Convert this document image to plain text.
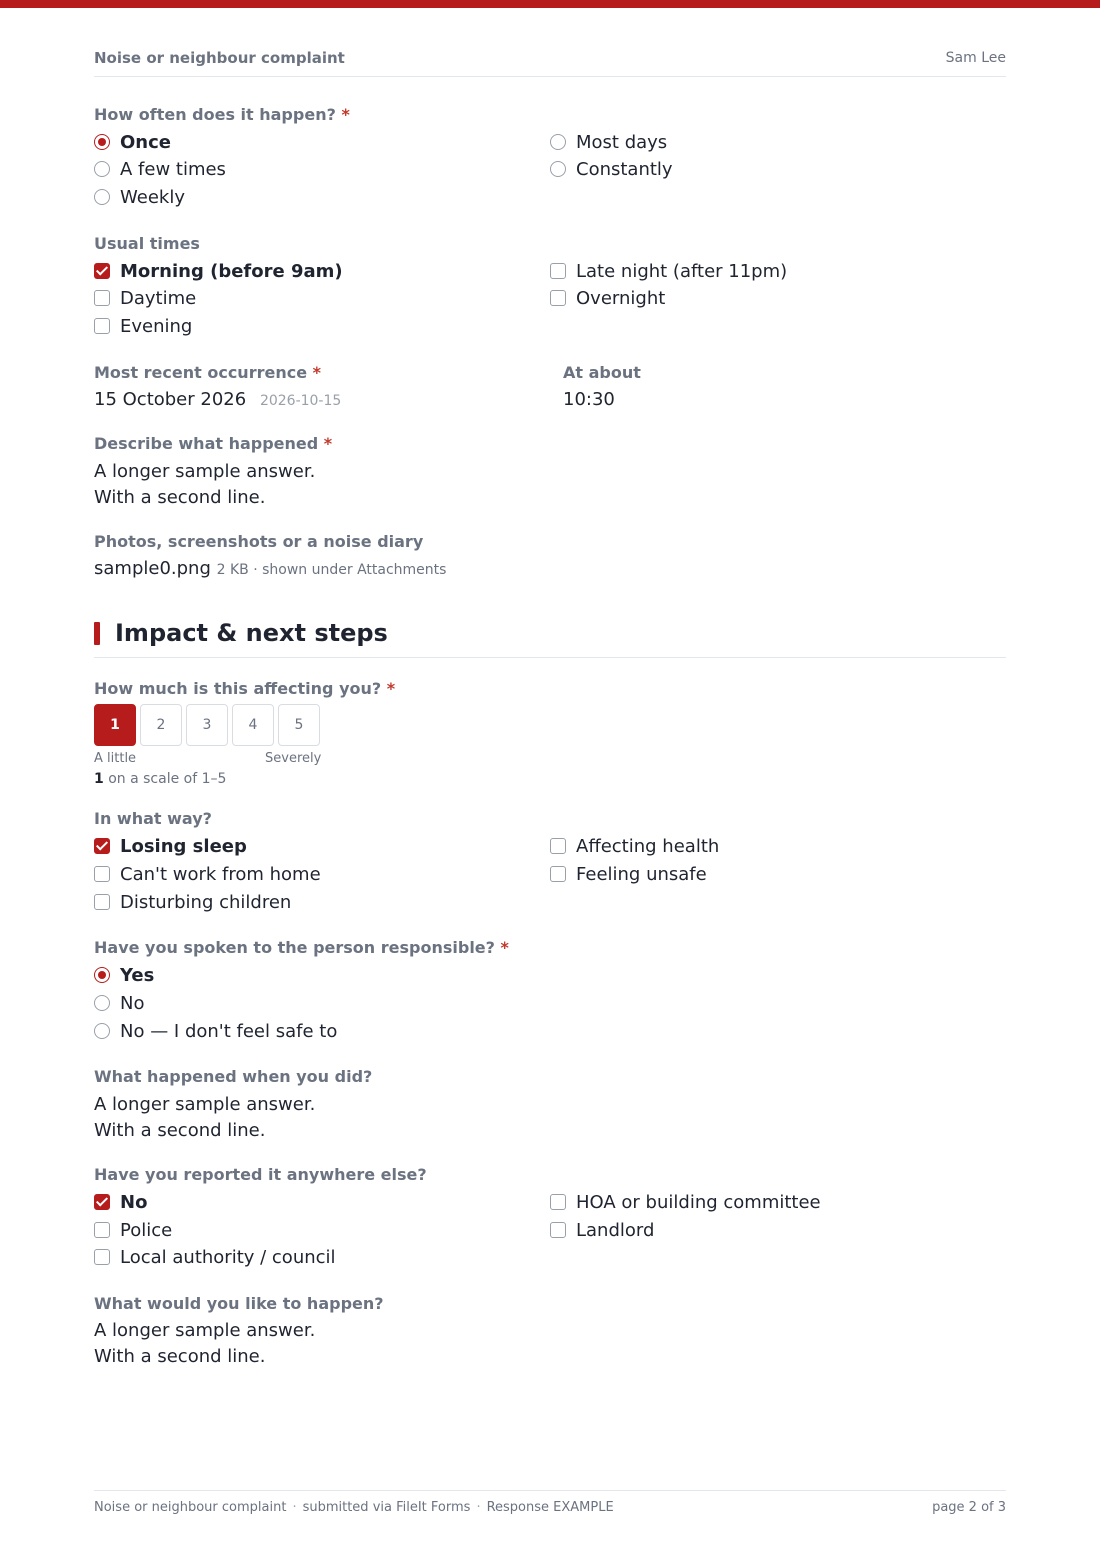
Noise or neighbour complaint	Sam Lee
How often does it happen? *
Once
A few times
Weekly
Most days
Constantly
Usual times
Morning (before 9am)
Daytime
Evening
Late night (after 11pm)
Overnight
Most recent occurrence *
15 October 2026 2026-10-15
At about
10:30
Describe what happened *
A longer sample answer.
With a second line.
Photos, screenshots or a noise diary
sample0.png 2 KB · shown under Attachments
Impact & next steps
How much is this affecting you? *
1	2	3	4	5
A little	Severely
1 on a scale of 1–5
In what way?
Losing sleep
Can't work from home
Disturbing children
Affecting health
Feeling unsafe
Have you spoken to the person responsible? *
Yes
No
No — I don't feel safe to
What happened when you did?
A longer sample answer.
With a second line.
Have you reported it anywhere else?
No
Police
Local authority / council
HOA or building committee
Landlord
What would you like to happen?
A longer sample answer.
With a second line.
Noise or neighbour complaint · submitted via FileIt Forms · Response EXAMPLE	page 2 of 3
